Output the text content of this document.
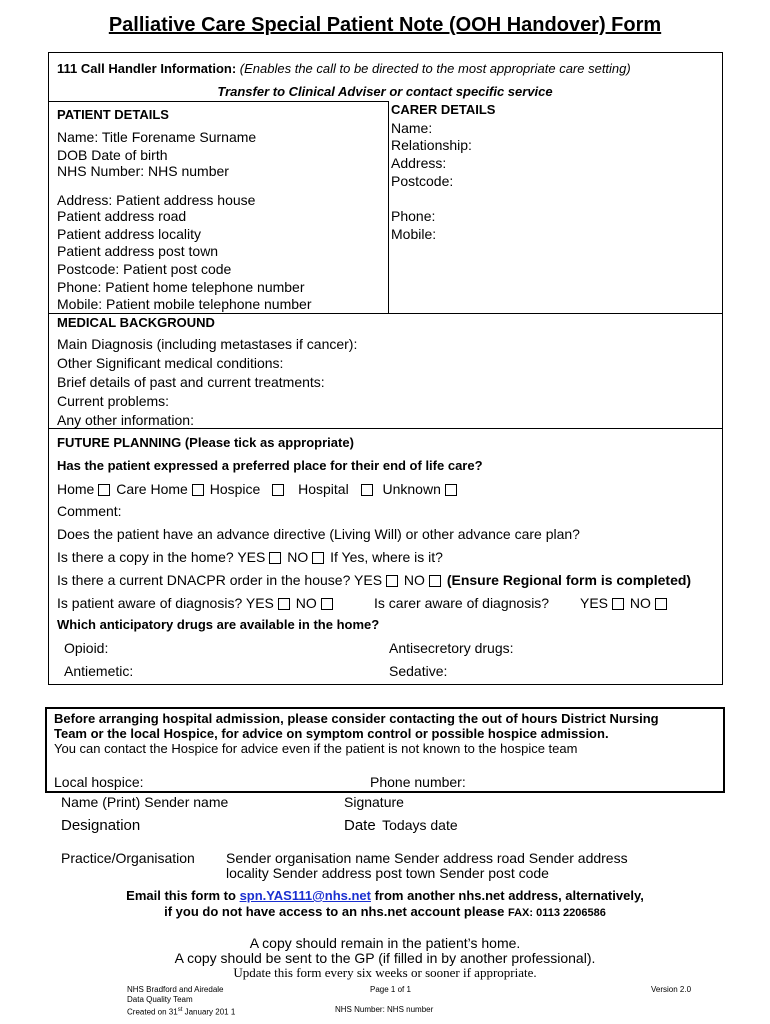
Palliative Care Special Patient Note (OOH Handover) Form
111 Call Handler Information: (Enables the call to be directed to the most appropriate care setting)
Transfer to Clinical Adviser or contact specific service
PATIENT DETAILS
Name: Title Forename Surname
DOB Date of birth
NHS Number: NHS number
Address: Patient address house
Patient address road
Patient address locality
Patient address post town
Postcode: Patient post code
Phone: Patient home telephone number
Mobile: Patient mobile telephone number
CARER DETAILS
Name:
Relationship:
Address:
Postcode:
Phone:
Mobile:
MEDICAL BACKGROUND
Main Diagnosis (including metastases if cancer):
Other Significant medical conditions:
Brief details of past and current treatments:
Current problems:
Any other information:
FUTURE PLANNING (Please tick as appropriate)
Has the patient expressed a preferred place for their end of life care?
Home Care Home Hospice	Hospital Unknown
Comment:
Does the patient have an advance directive (Living Will) or other advance care plan?
Is there a copy in the home? YES NO If Yes, where is it?
Is there a current DNACPR order in the house? YES NO (Ensure Regional form is completed)
Is patient aware of diagnosis? YES NO	Is carer aware of diagnosis? YES NO
Which anticipatory drugs are available in the home?
Opioid:	Antisecretory drugs:
Antiemetic:	Sedative:
Before arranging hospital admission, please consider contacting the out of hours District Nursing
Team or the local Hospice, for advice on symptom control or possible hospice admission.
You can contact the Hospice for advice even if the patient is not known to the hospice team
Local hospice:	Phone number:
Name (Print) Sender name	Signature
Designation	Date Todays date
Practice/Organisation Sender organisation name Sender address road Sender address
locality Sender address post town Sender post code
Email this form to spn.YAS111@nhs.net from another nhs.net address, alternatively,
if you do not have access to an nhs.net account please FAX: 0113 2206586
A copy should remain in the patient’s home.
A copy should be sent to the GP (if filled in by another professional).
Update this form every six weeks or sooner if appropriate.
NHS Bradford and Airedale
Data Quality Team
Created on 31st January 201 1
Page 1 of 1
NHS Number: NHS number
Version 2.0
